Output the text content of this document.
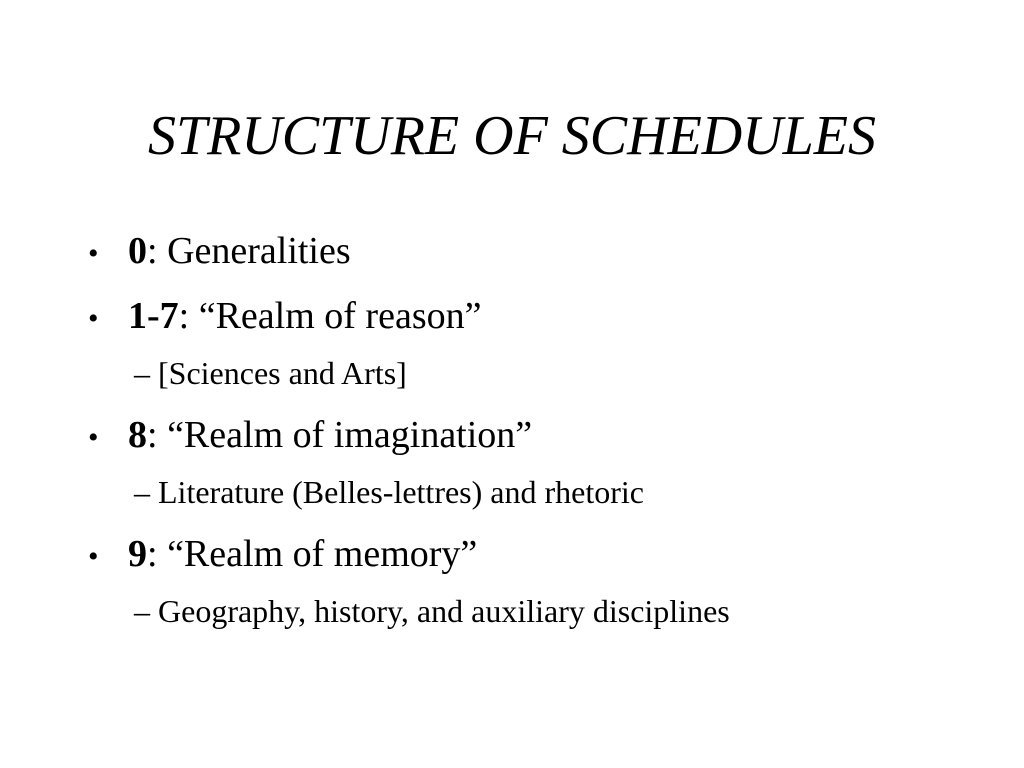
STRUCTURE OF SCHEDULES
• 0: Generalities
• 1-7: “Realm of reason”
– [Sciences and Arts]
• 8: “Realm of imagination”
– Literature (Belles-lettres) and rhetoric
• 9: “Realm of memory”
– Geography, history, and auxiliary disciplines
